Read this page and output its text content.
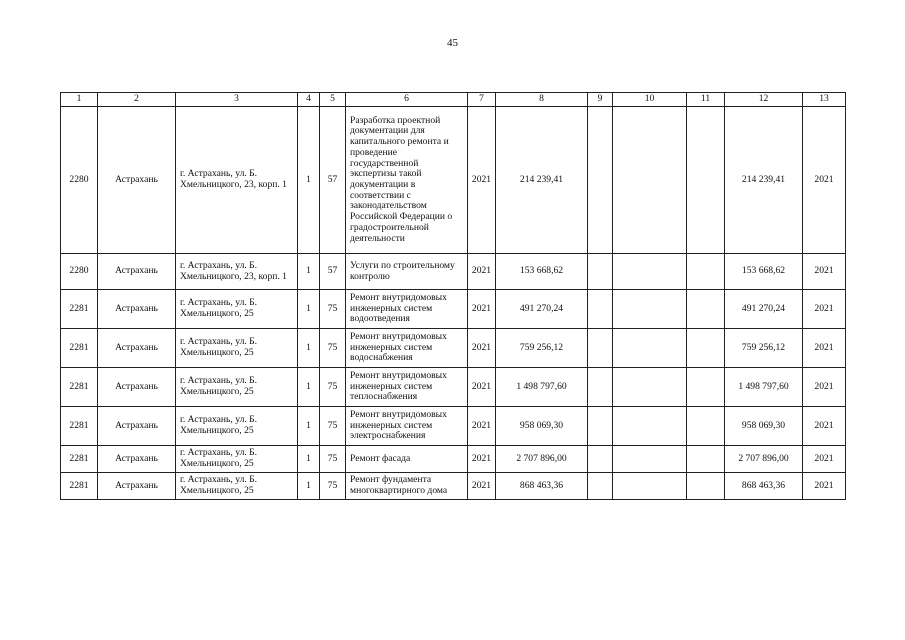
45
1	2	3	4	5	6	7	8	9	10	11	12	13
2280	Астрахань	г. Астрахань, ул. Б. Хмельницкого, 23, корп. 1	1	57	Разработка проектной документации для капитального ремонта и проведение государственной экспертизы такой документации в соответствии с законодательством Российской Федерации о градостроительной деятельности	2021	214 239,41				214 239,41	2021
2280	Астрахань	г. Астрахань, ул. Б. Хмельницкого, 23, корп. 1	1	57	Услуги по строительному контролю	2021	153 668,62				153 668,62	2021
2281	Астрахань	г. Астрахань, ул. Б. Хмельницкого, 25	1	75	Ремонт внутридомовых инженерных систем водоотведения	2021	491 270,24				491 270,24	2021
2281	Астрахань	г. Астрахань, ул. Б. Хмельницкого, 25	1	75	Ремонт внутридомовых инженерных систем водоснабжения	2021	759 256,12				759 256,12	2021
2281	Астрахань	г. Астрахань, ул. Б. Хмельницкого, 25	1	75	Ремонт внутридомовых инженерных систем теплоснабжения	2021	1 498 797,60				1 498 797,60	2021
2281	Астрахань	г. Астрахань, ул. Б. Хмельницкого, 25	1	75	Ремонт внутридомовых инженерных систем электроснабжения	2021	958 069,30				958 069,30	2021
2281	Астрахань	г. Астрахань, ул. Б. Хмельницкого, 25	1	75	Ремонт фасада	2021	2 707 896,00				2 707 896,00	2021
2281	Астрахань	г. Астрахань, ул. Б. Хмельницкого, 25	1	75	Ремонт фундамента многоквартирного дома	2021	868 463,36				868 463,36	2021
